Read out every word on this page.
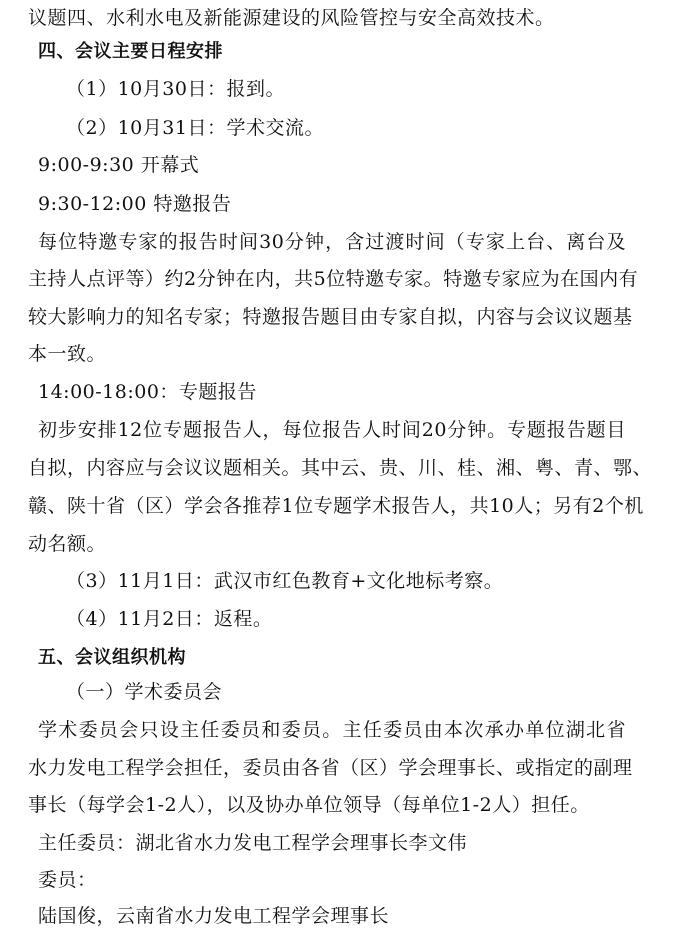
议题四、水利水电及新能源建设的风险管控与安全高效技术。
四、会议主要日程安排
（1）10月30日：报到。
（2）10月31日：学术交流。
9:00-9:30 开幕式
9:30-12:00 特邀报告
每位特邀专家的报告时间30分钟，含过渡时间（专家上台、离台及
主持人点评等）约2分钟在内，共5位特邀专家。特邀专家应为在国内有
较大影响力的知名专家；特邀报告题目由专家自拟，内容与会议议题基
本一致。
14:00-18:00：专题报告
初步安排12位专题报告人，每位报告人时间20分钟。专题报告题目
自拟，内容应与会议议题相关。其中云、贵、川、桂、湘、粤、青、鄂、
赣、陕十省（区）学会各推荐1位专题学术报告人，共10人；另有2个机
动名额。
（3）11月1日：武汉市红色教育+文化地标考察。
（4）11月2日：返程。
五、会议组织机构
（一）学术委员会
学术委员会只设主任委员和委员。主任委员由本次承办单位湖北省
水力发电工程学会担任，委员由各省（区）学会理事长、或指定的副理
事长（每学会1-2人），以及协办单位领导（每单位1-2人）担任。
主任委员：湖北省水力发电工程学会理事长李文伟
委员：
陆国俊，云南省水力发电工程学会理事长
